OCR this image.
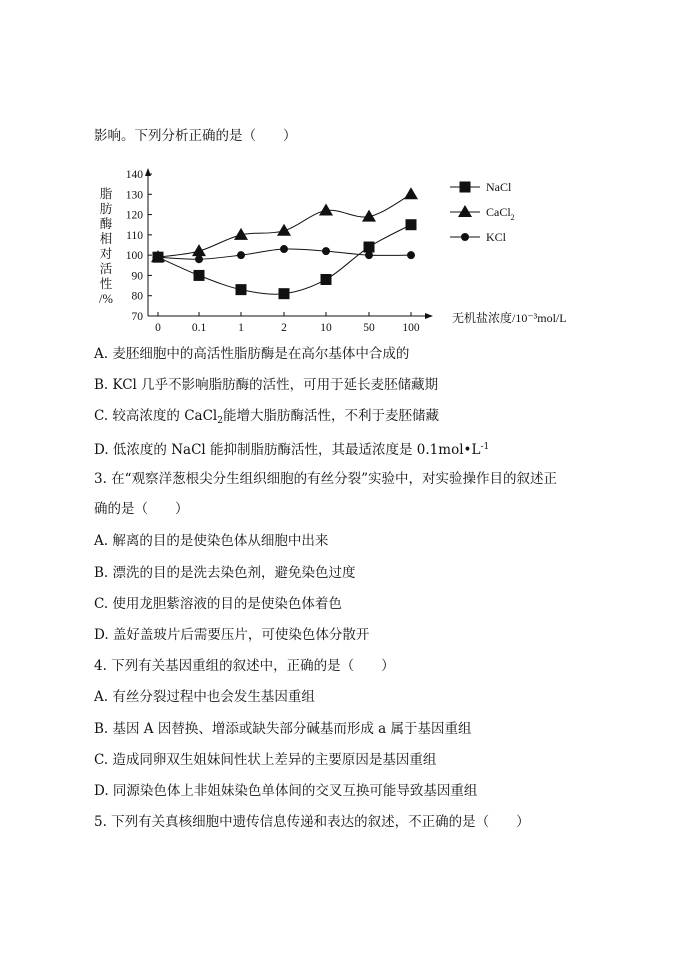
影响。下列分析正确的是（　　）
70
80
90
100
110
120
130
140
0	0.1	1	2	10	50 100
无机盐浓度/10⁻³mol/L
脂
肪
酶
相
对
活
性
/%
NaCl
CaCl$_2$
KCl
A. 麦胚细胞中的高活性脂肪酶是在高尔基体中合成的
B. KCl 几乎不影响脂肪酶的活性，可用于延长麦胚储藏期
C. 较高浓度的 CaCl$_2$能增大脂肪酶活性，不利于麦胚储藏
D. 低浓度的 NaCl 能抑制脂肪酶活性，其最适浓度是 $0.1mol•L^{-1}$
3. 在“观察洋葱根尖分生组织细胞的有丝分裂”实验中，对实验操作目的叙述正
确的是（　　）
A. 解离的目的是使染色体从细胞中出来
B. 漂洗的目的是洗去染色剂，避免染色过度
C. 使用龙胆紫溶液的目的是使染色体着色
D. 盖好盖玻片后需要压片，可使染色体分散开
4. 下列有关基因重组的叙述中，正确的是（　　）
A. 有丝分裂过程中也会发生基因重组
B. 基因 A 因替换、增添或缺失部分碱基而形成 a 属于基因重组
C. 造成同卵双生姐妹间性状上差异的主要原因是基因重组
D. 同源染色体上非姐妹染色单体间的交叉互换可能导致基因重组
5. 下列有关真核细胞中遗传信息传递和表达的叙述，不正确的是（　　）
